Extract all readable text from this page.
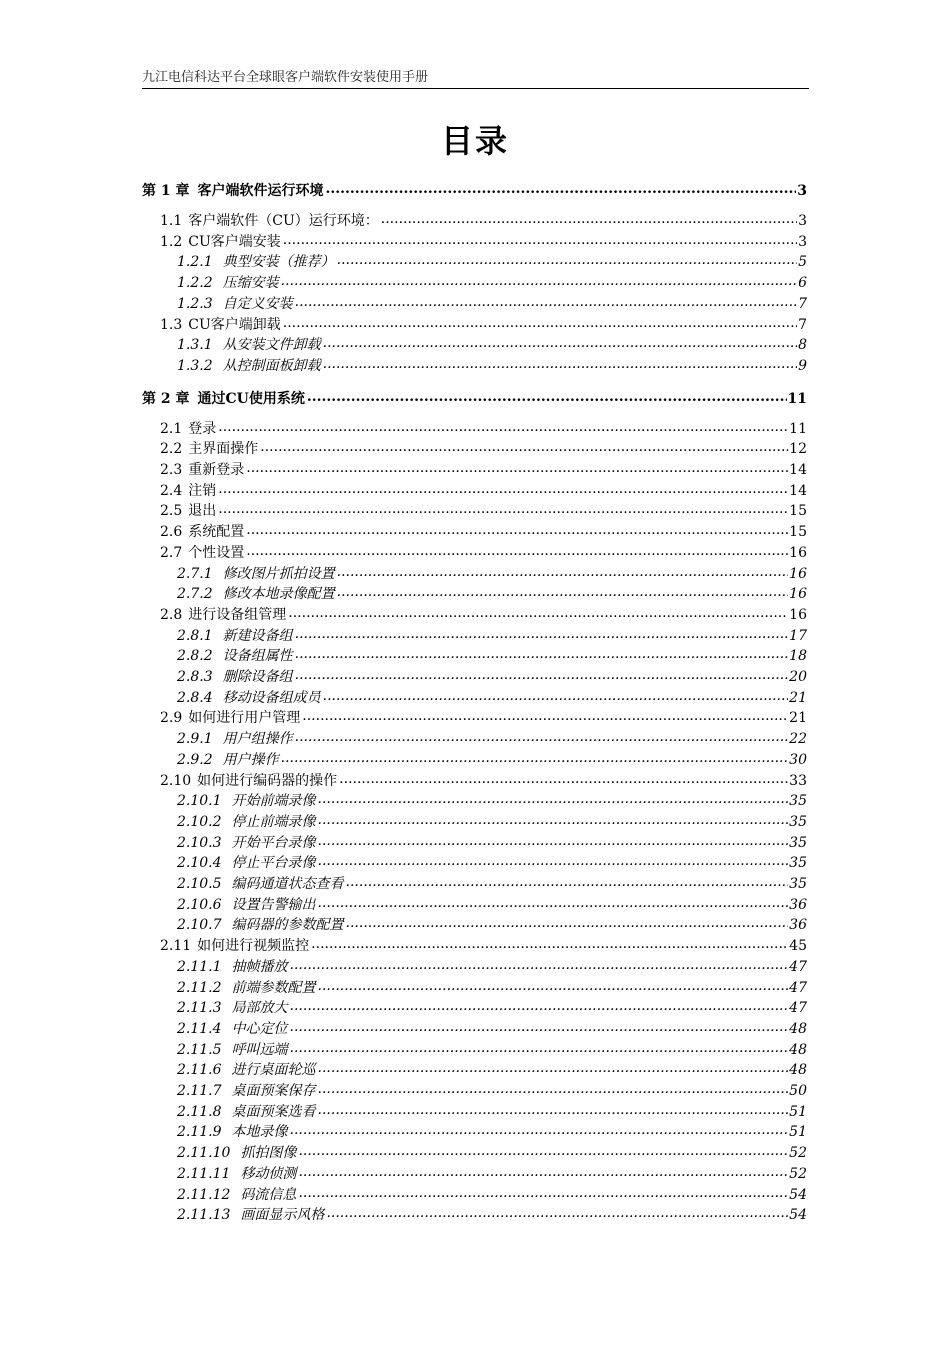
九江电信科达平台全球眼客户端软件安装使用手册
目录
第 1 章 客户端软件运行环境 .....	3
1.1 客户端软件（CU）运行环境： .....	3
1.2 CU客户端安装 .....	3
1.2.1 典型安装（推荐） .....	5
1.2.2 压缩安装 .....	6
1.2.3 自定义安装 .....	7
1.3 CU客户端卸载 .....	7
1.3.1 从安装文件卸载 .....	8
1.3.2 从控制面板卸载 .....	9
第 2 章 通过CU使用系统 .....	11
2.1 登录 .....	11
2.2 主界面操作 .....	12
2.3 重新登录 .....	14
2.4 注销 .....	14
2.5 退出 .....	15
2.6 系统配置 .....	15
2.7 个性设置 .....	16
2.7.1 修改图片抓拍设置 .....	16
2.7.2 修改本地录像配置 .....	16
2.8 进行设备组管理 .....	16
2.8.1 新建设备组 .....	17
2.8.2 设备组属性 .....	18
2.8.3 删除设备组 .....	20
2.8.4 移动设备组成员 .....	21
2.9 如何进行用户管理 .....	21
2.9.1 用户组操作 .....	22
2.9.2 用户操作 .....	30
2.10 如何进行编码器的操作 .....	33
2.10.1 开始前端录像 .....	35
2.10.2 停止前端录像 .....	35
2.10.3 开始平台录像 .....	35
2.10.4 停止平台录像 .....	35
2.10.5 编码通道状态查看 .....	35
2.10.6 设置告警输出 .....	36
2.10.7 编码器的参数配置 .....	36
2.11 如何进行视频监控 .....	45
2.11.1 抽帧播放 .....	47
2.11.2 前端参数配置 .....	47
2.11.3 局部放大 .....	47
2.11.4 中心定位 .....	48
2.11.5 呼叫远端 .....	48
2.11.6 进行桌面轮巡 .....	48
2.11.7 桌面预案保存 .....	50
2.11.8 桌面预案选看 .....	51
2.11.9 本地录像 .....	51
2.11.10 抓拍图像 .....	52
2.11.11 移动侦测 .....	52
2.11.12 码流信息 .....	54
2.11.13 画面显示风格 .....	54
